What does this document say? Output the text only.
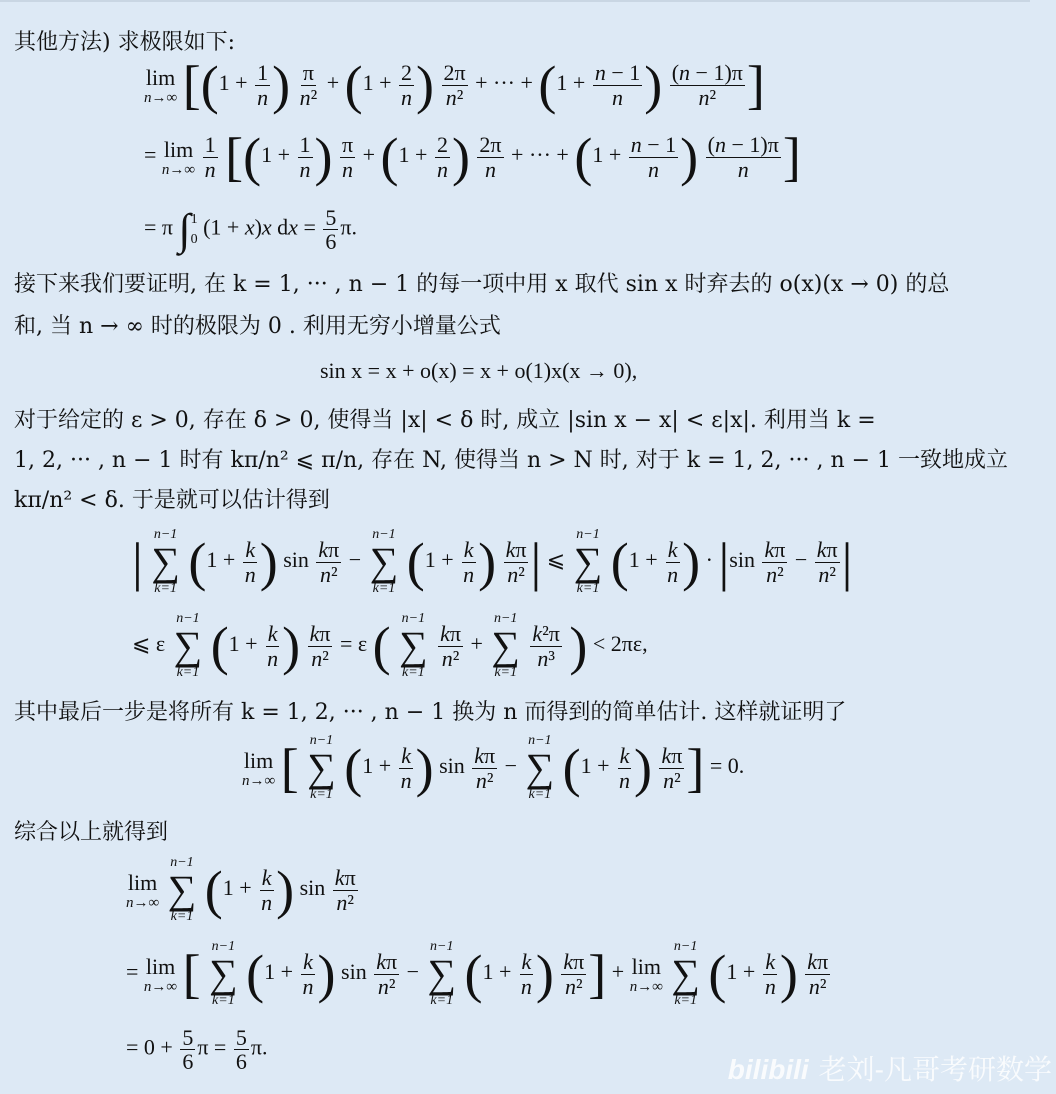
其他方法) 求极限如下:
lim
n→∞ [($1 + \frac{1}{n}$ ) $\frac{\pi}{\text{n²}} + (1 + \frac{2}{n}$ ) $\frac{2\pi}{\text{n²}}$ + ··· + ($1 + \frac{n - 1}{n}$ ) $\frac{(n - 1)\pi}{\text{n²}}$ ]
= lim
n→∞
$\frac{1}{n} [(1 + \frac{1}{n}$ ) $\frac{\pi}{n} + (1 + \frac{2}{n}$ ) $\frac{2\pi}{n}$ + ··· + ($1 + \frac{n - 1}{n}$ ) $\frac{(n - 1)\pi}{n}$ ]
= π ∫ 1
0 (1 + x)x dx = $\frac{5}{6} \pi$.
接下来我们要证明, 在 k = 1, ··· , n − 1 的每一项中用 x 取代 sin x 时弃去的 o(x)(x → 0) 的总
和, 当 n → ∞ 时的极限为 0 . 利用无穷小增量公式
sin x = x + o(x) = x + o(1)x(x → 0),
对于给定的 ε > 0, 存在 δ > 0, 使得当 |x| < δ 时, 成立 |sin x − x| < ε|x|. 利用当 k =
1, 2, ··· , n − 1 时有 kπ/n² ⩽ π/n, 存在 N, 使得当 n > N 时, 对于 k = 1, 2, ··· , n − 1 一致地成立
kπ/n² < δ. 于是就可以估计得到
| n−1
∑
k=1 ($1 + \frac{k}{n}$ ) $\sin \frac{k\pi}{\text{n²}}$ −
n−1
∑
k=1 ($1 + \frac{k}{n}$ ) $\frac{k\pi}{\text{n²}}$ | ⩽
n−1
∑
k=1 ($1 + \frac{k}{n}$ ) · $|\sin \frac{k\pi}{\text{n²}} - \frac{k\pi}{\text{n²}}$ |
⩽ ε
n−1
∑
k=1 ($1 + \frac{k}{n}$ ) $\frac{k\pi}{\text{n²}} = \varepsilon$ ( n−1
∑
k=1

$\frac{k\pi}{\text{n²}}$ +
n−1
∑
k=1

$\frac{\text{k²π}}{\text{n³}}$ ) < 2πε,
其中最后一步是将所有 k = 1, 2, ··· , n − 1 换为 n 而得到的简单估计. 这样就证明了
lim
n→∞ [ n−1
∑
k=1 ($1 + \frac{k}{n}$ ) $\sin \frac{k\pi}{\text{n²}}$ −
n−1
∑
k=1 ($1 + \frac{k}{n}$ ) $\frac{k\pi}{\text{n²}}$ ] = 0.
综合以上就得到
lim
n→∞

n−1
∑
k=1 ($1 + \frac{k}{n}$ ) $\sin \frac{k\pi}{\text{n²}}$
= lim
n→∞ [ n−1
∑
k=1 ($1 + \frac{k}{n}$ ) $\sin \frac{k\pi}{\text{n²}}$ −
n−1
∑
k=1 ($1 + \frac{k}{n}$ ) $\frac{k\pi}{\text{n²}}$ ] + lim
n→∞

n−1
∑
k=1 ($1 + \frac{k}{n}$ ) $\frac{k\pi}{\text{n²}}$
= $0 + \frac{5}{6}$ $\pi = \frac{5}{6} \pi$.
bilibili 老刘-凡哥考研数学
